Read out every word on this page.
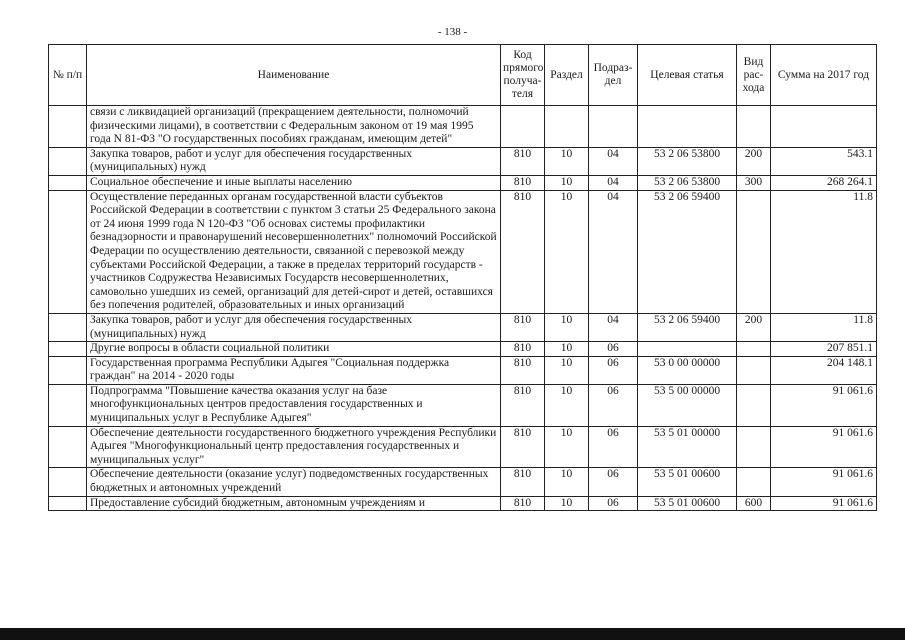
- 138 -
№ п/п	Наименование	Код прямого получа-теля	Раздел	Подраз-дел	Целевая статья	Вид рас-хода	Сумма на 2017 год
	связи с ликвидацией организаций (прекращением деятельности, полномочий физическими лицами), в соответствии с Федеральным законом от 19 мая 1995 года N 81-ФЗ "О государственных пособиях гражданам, имеющим детей"						
	Закупка товаров, работ и услуг для обеспечения государственных (муниципальных) нужд	810	10	04	53 2 06 53800	200	543.1
	Социальное обеспечение и иные выплаты населению	810	10	04	53 2 06 53800	300	268 264.1
	Осуществление переданных органам государственной власти субъектов Российской Федерации в соответствии с пунктом 3 статьи 25 Федерального закона от 24 июня 1999 года N 120-ФЗ "Об основах системы профилактики безнадзорности и правонарушений несовершеннолетних" полномочий Российской Федерации по осуществлению деятельности, связанной с перевозкой между субъектами Российской Федерации, а также в пределах территорий государств - участников Содружества Независимых Государств несовершеннолетних, самовольно ушедших из семей, организаций для детей-сирот и детей, оставшихся без попечения родителей, образовательных и иных организаций	810	10	04	53 2 06 59400		11.8
	Закупка товаров, работ и услуг для обеспечения государственных (муниципальных) нужд	810	10	04	53 2 06 59400	200	11.8
	Другие вопросы в области социальной политики	810	10	06			207 851.1
	Государственная программа Республики Адыгея "Социальная поддержка граждан" на 2014 - 2020 годы	810	10	06	53 0 00 00000		204 148.1
	Подпрограмма "Повышение качества оказания услуг на базе многофункциональных центров предоставления государственных и муниципальных услуг в Республике Адыгея"	810	10	06	53 5 00 00000		91 061.6
	Обеспечение деятельности государственного бюджетного учреждения Республики Адыгея "Многофункциональный центр предоставления государственных и муниципальных услуг"	810	10	06	53 5 01 00000		91 061.6
	Обеспечение деятельности (оказание услуг) подведомственных государственных бюджетных и автономных учреждений	810	10	06	53 5 01 00600		91 061.6
	Предоставление субсидий бюджетным, автономным учреждениям и	810	10	06	53 5 01 00600	600	91 061.6
